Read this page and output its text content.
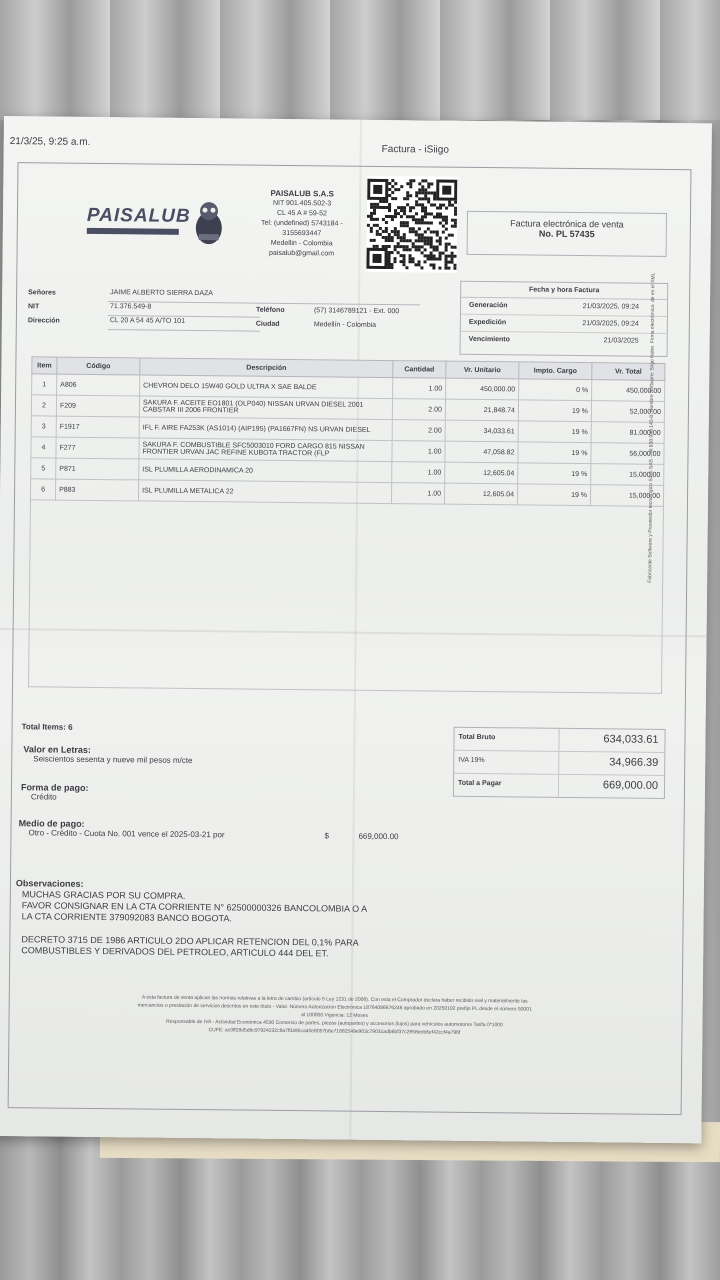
21/3/25, 9:25 a.m.
Factura - iSiigo
PAISALUB
PAISALUB S.A.S
NIT 901.405.502-3
CL 45 A # 59-52
Tel: (undefined) 5743184 -
3155693447
Medellin - Colombia
paisalub@gmail.com
Factura electrónica de venta
No. PL 57435
Señores	JAIME ALBERTO SIERRA DAZA
NIT	71.376.549-8
Dirección	CL 20 A 54 45 A/TO 101
Teléfono	(57) 3146789121 - Ext. 000
Ciudad	Medellín - Colombia
Fecha y hora Factura
Generación	21/03/2025, 09:24
Expedición	21/03/2025, 09:24
Vencimiento	21/03/2025
Item	Código	Descripción	Cantidad	Vr. Unitario	Impto. Cargo	Vr. Total
1	A806	CHEVRON DELO 15W40 GOLD ULTRA X SAE BALDE	1.00	450,000.00	0 %	450,000.00
2	F209	SAKURA F. ACEITE EO1801 (OLP040) NISSAN URVAN DIESEL 2001 CABSTAR III 2006 FRONTIER	2.00	21,848.74	19 %	52,000.00
3	F1917	IFL F. AIRE FA253K (AS1014) (AIP195) (PA1667FN) NS URVAN DIESEL	2.00	34,033.61	19 %	81,000.00
4	F277	SAKURA F. COMBUSTIBLE SFC5003010 FORD CARGO 815 NISSAN FRONTIER URVAN JAC REFINE KUBOTA TRACTOR (FLP	1.00	47,058.82	19 %	56,000.00
5	P871	ISL PLUMILLA AERODINAMICA 20	1.00	12,605.04	19 %	15,000.00
6	P883	ISL PLUMILLA METALICA 22	1.00	12,605.04	19 %	15,000.00

Total Items: 6
Total Bruto	634,033.61
IVA 19%	34,966.39
Total a Pagar	669,000.00
Valor en Letras:
Seiscientos sesenta y nueve mil pesos m/cte
Forma de pago:
Crédito
Medio de pago:
Otro - Crédito - Cuota No. 001 vence el 2025-03-21 por	$	669,000.00
Observaciones:
MUCHAS GRACIAS POR SU COMPRA.
FAVOR CONSIGNAR EN LA CTA CORRIENTE N° 62500000326 BANCOLOMBIA O A
LA CTA CORRIENTE 379092083 BANCO BOGOTA.
DECRETO 3715 DE 1986 ARTICULO 2DO APLICAR RETENCION DEL 0,1% PARA
COMBUSTIBLES Y DERIVADOS DEL PETROLEO, ARTICULO 444 DEL ET.
A esta factura de venta aplican las normas relativas a la letra de cambio (artículo 5 Ley 1231 de 2008). Con esta el Comprador declara haber recibido real y materialmente las
mercancías o prestación de servicios descritos en este título - Valor. Número Autorización Electrónica 18764086676246 aprobado en 20250102 prefijo PL desde el número 50001
al 100000 Vigencia: 12 Meses
Responsable de IVA - Actividad Económica 4530 Comercio de partes, piezas (autopartes) y accesorios (lujos) para vehículos automotores Tarifa 0*1000
CUFE: ac0ff28d5d9c97924232c9a7f0495ca40e8057b6e71682549e903c79031adb6bf37c2958eeb6ef42ccf4a796f
Fabricante Software y Proveedor tecnológico Siigo SAS - Nit 830.048.145-8. Nombre Software: Siigo Nube. Firma electrónica: de en el XML
